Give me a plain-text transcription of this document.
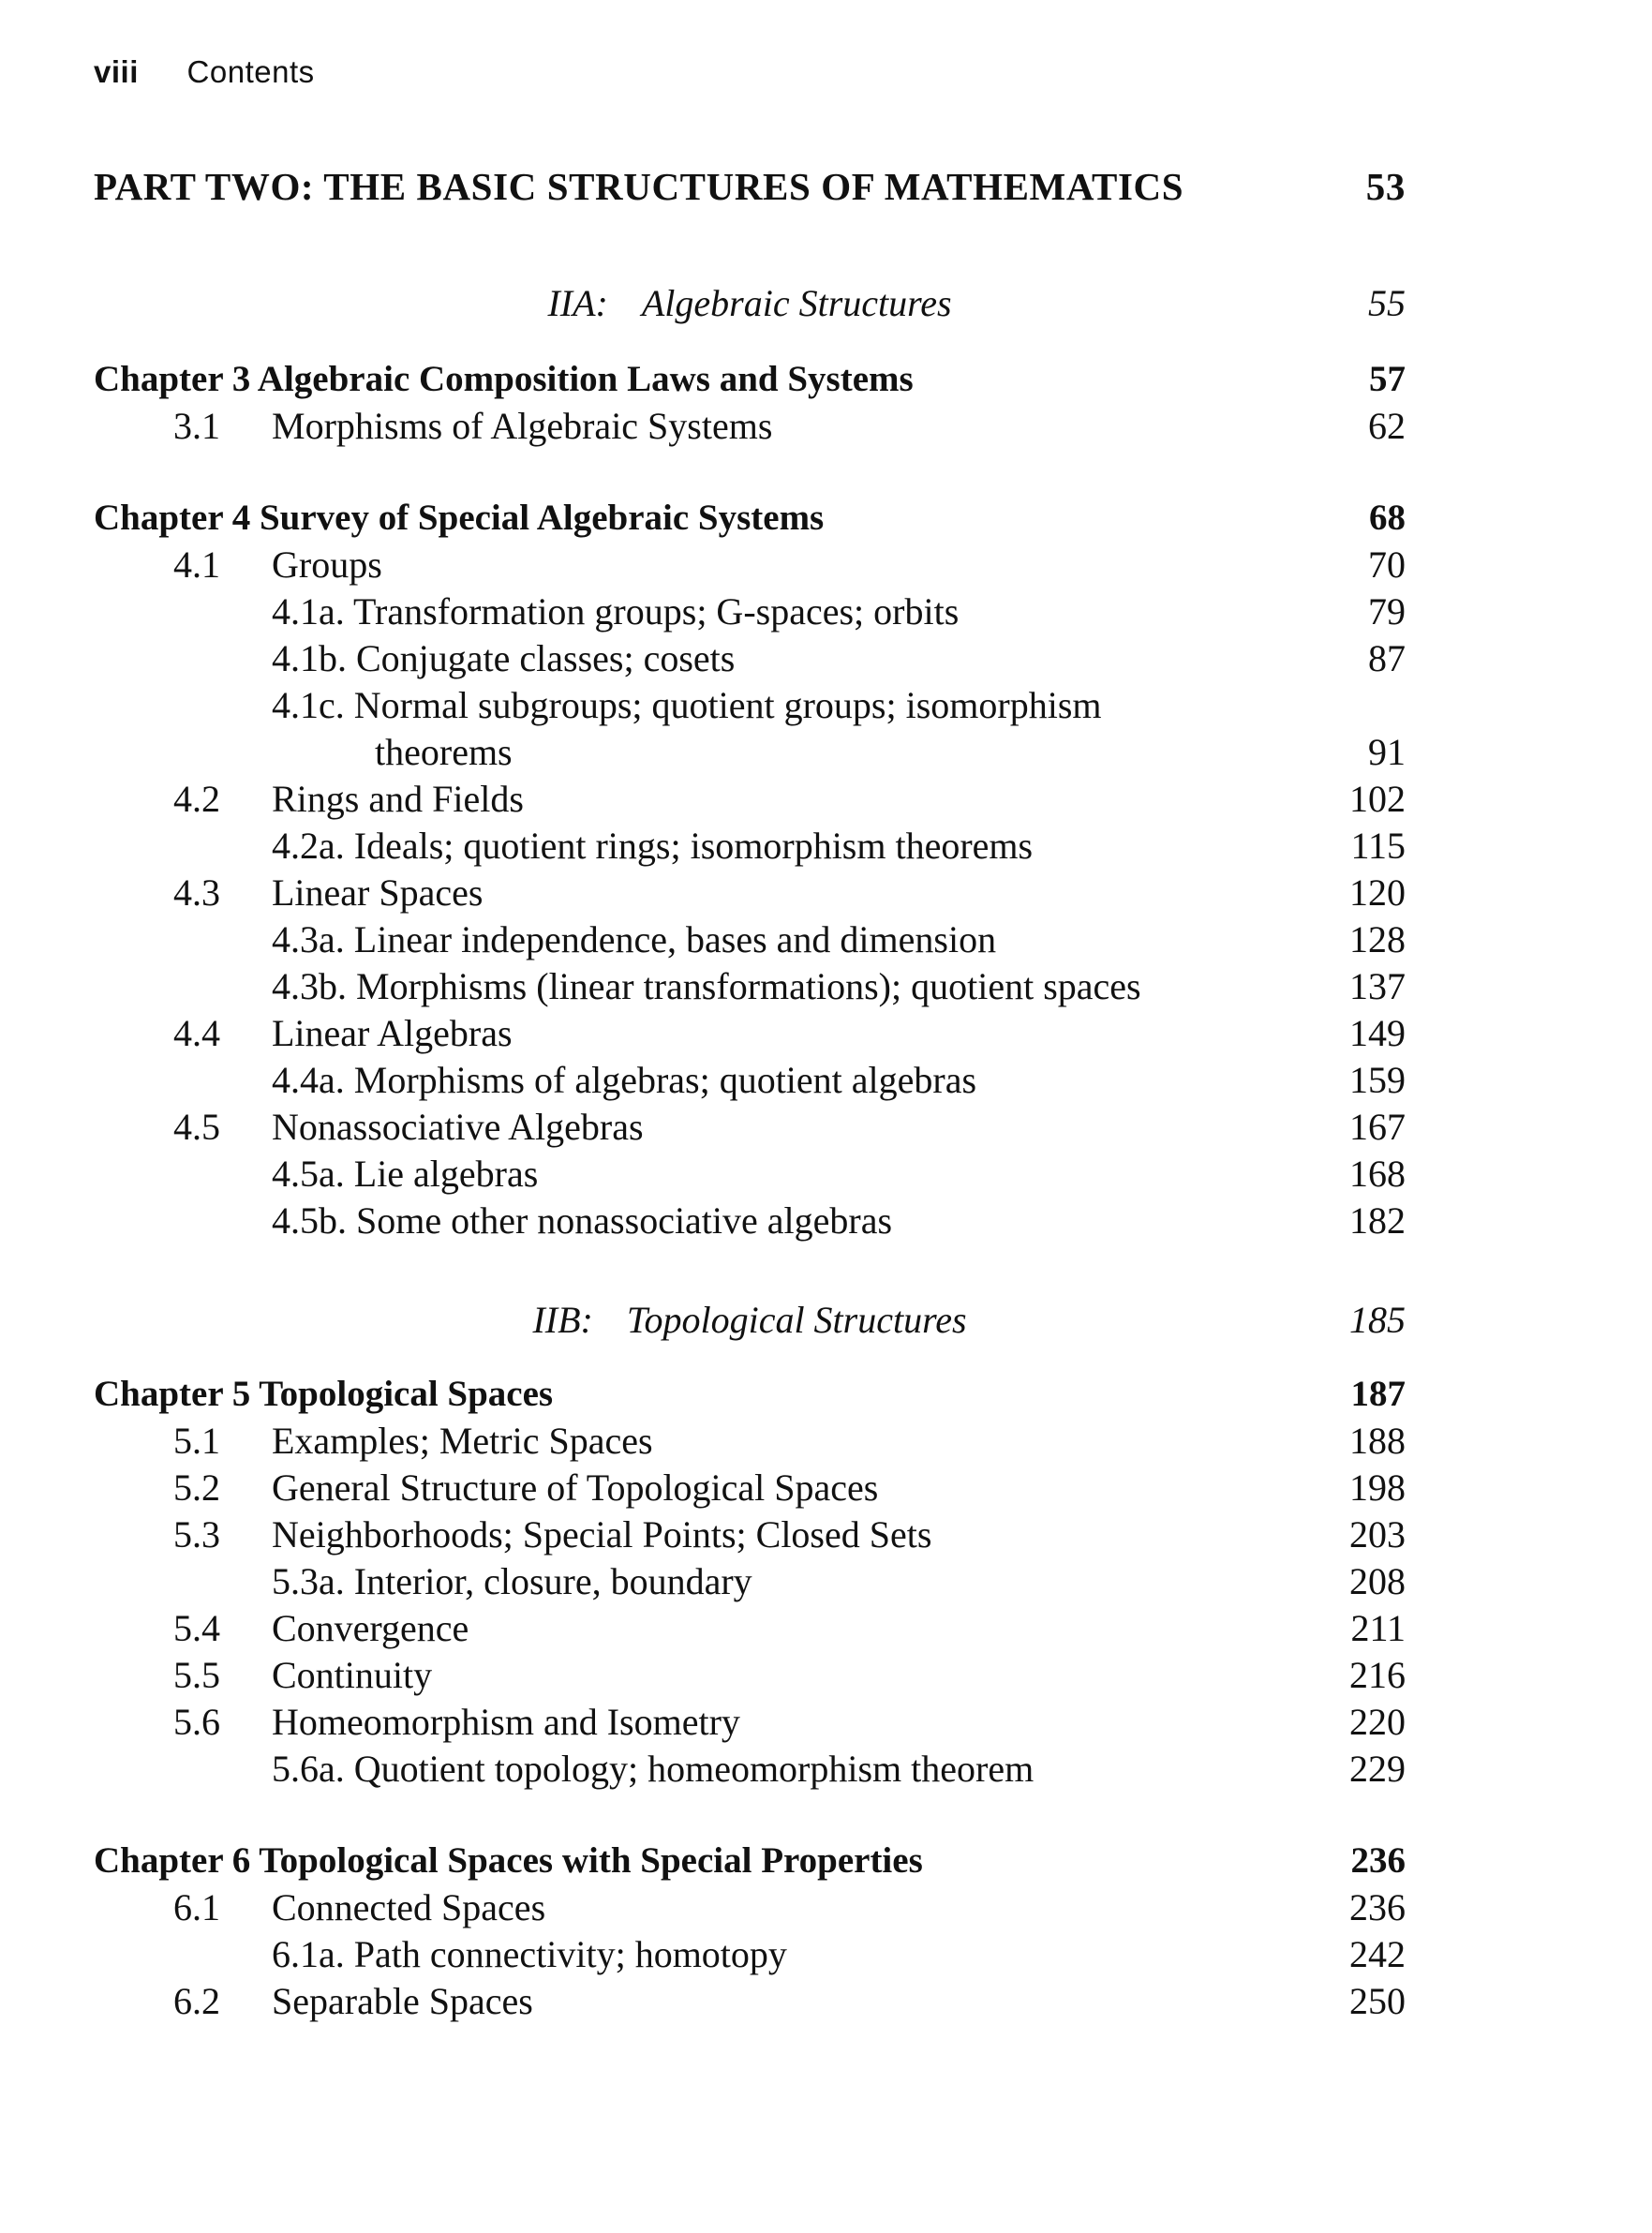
viii Contents
PART TWO: THE BASIC STRUCTURES OF MATHEMATICS	53
IIA: Algebraic Structures	55
Chapter 3 Algebraic Composition Laws and Systems	57
3.1 Morphisms of Algebraic Systems	62
Chapter 4 Survey of Special Algebraic Systems	68
4.1 Groups	70
4.1a. Transformation groups; G-spaces; orbits	79
4.1b. Conjugate classes; cosets	87
4.1c. Normal subgroups; quotient groups; isomorphism
theorems	91
4.2 Rings and Fields	102
4.2a. Ideals; quotient rings; isomorphism theorems	115
4.3 Linear Spaces	120
4.3a. Linear independence, bases and dimension	128
4.3b. Morphisms (linear transformations); quotient spaces	137
4.4 Linear Algebras	149
4.4a. Morphisms of algebras; quotient algebras	159
4.5 Nonassociative Algebras	167
4.5a. Lie algebras	168
4.5b. Some other nonassociative algebras	182
IIB: Topological Structures	185
Chapter 5 Topological Spaces	187
5.1 Examples; Metric Spaces	188
5.2 General Structure of Topological Spaces	198
5.3 Neighborhoods; Special Points; Closed Sets	203
5.3a. Interior, closure, boundary	208
5.4 Convergence	211
5.5 Continuity	216
5.6 Homeomorphism and Isometry	220
5.6a. Quotient topology; homeomorphism theorem	229
Chapter 6 Topological Spaces with Special Properties	236
6.1 Connected Spaces	236
6.1a. Path connectivity; homotopy	242
6.2 Separable Spaces	250
